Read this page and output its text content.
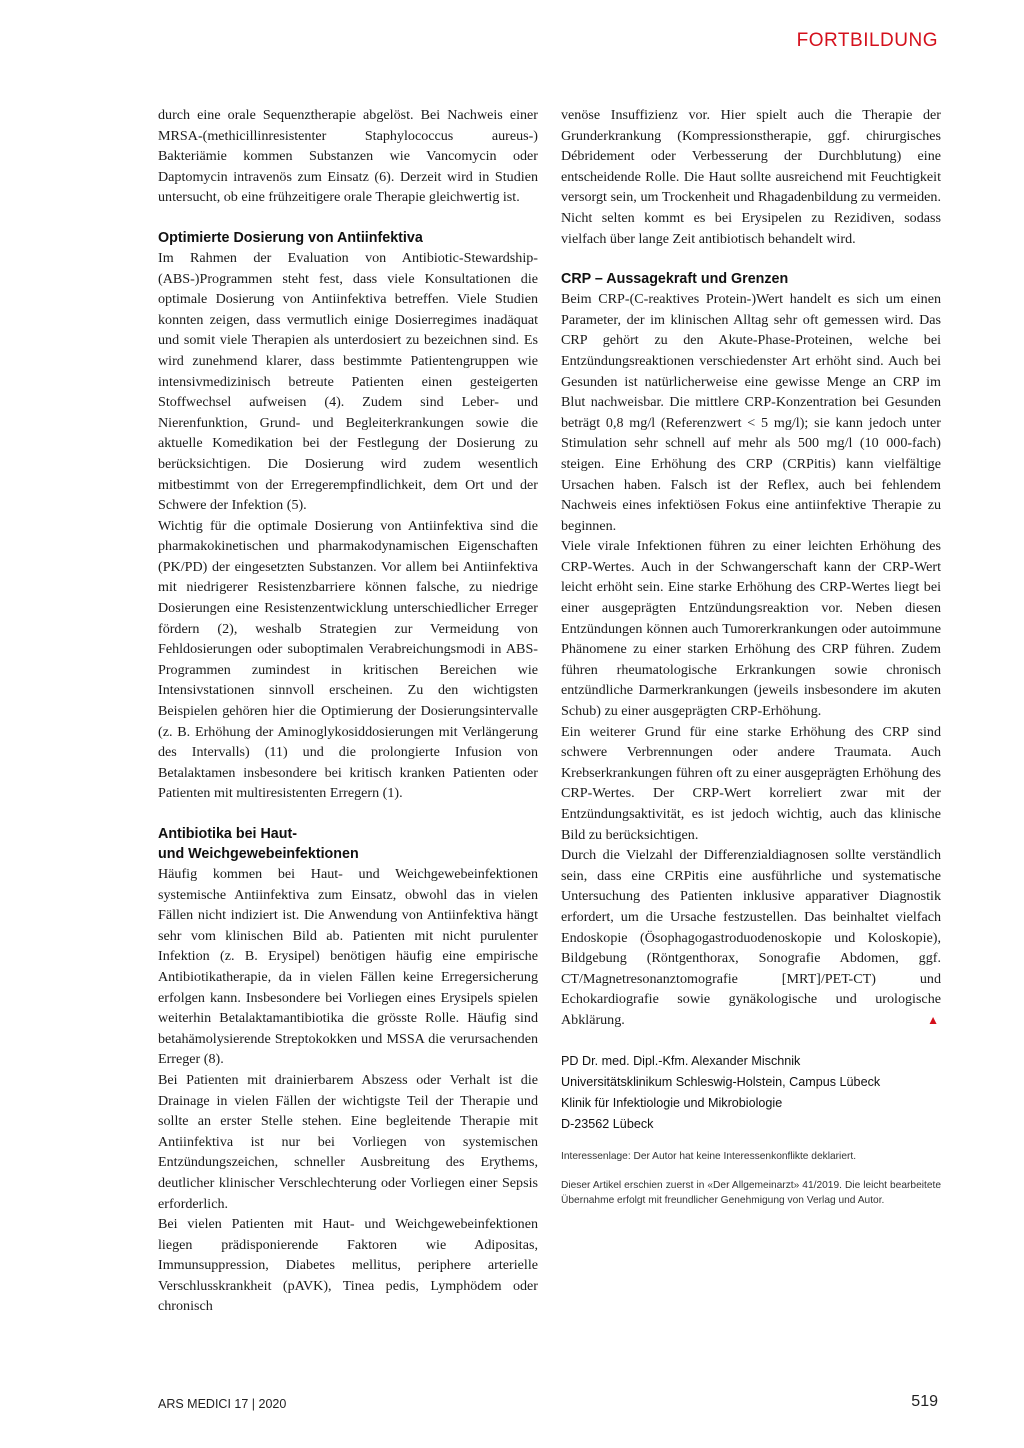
FORTBILDUNG

durch eine orale Sequenztherapie abgelöst. Bei Nachweis einer MRSA-(methicillinresistenter Staphylococcus aureus-) Bakteriämie kommen Substanzen wie Vancomycin oder Daptomycin intravenös zum Einsatz (6). Derzeit wird in Studien untersucht, ob eine frühzeitigere orale Therapie gleichwertig ist.

Optimierte Dosierung von Antiinfektiva

Im Rahmen der Evaluation von Antibiotic-Stewardship-(ABS-)Programmen steht fest, dass viele Konsultationen die optimale Dosierung von Antiinfektiva betreffen. Viele Studien konnten zeigen, dass vermutlich einige Dosierregimes inadäquat und somit viele Therapien als unterdosiert zu bezeichnen sind. Es wird zunehmend klarer, dass bestimmte Patientengruppen wie intensivmedizinisch betreute Patienten einen gesteigerten Stoffwechsel aufweisen (4). Zudem sind Leber- und Nierenfunktion, Grund- und Begleiterkrankungen sowie die aktuelle Komedikation bei der Festlegung der Dosierung zu berücksichtigen. Die Dosierung wird zudem wesentlich mitbestimmt von der Erregerempfindlichkeit, dem Ort und der Schwere der Infektion (5).

Wichtig für die optimale Dosierung von Antiinfektiva sind die pharmakokinetischen und pharmakodynamischen Eigenschaften (PK/PD) der eingesetzten Substanzen. Vor allem bei Antiinfektiva mit niedrigerer Resistenzbarriere können falsche, zu niedrige Dosierungen eine Resistenzentwicklung unterschiedlicher Erreger fördern (2), weshalb Strategien zur Vermeidung von Fehldosierungen oder suboptimalen Verabreichungsmodi in ABS-Programmen zumindest in kritischen Bereichen wie Intensivstationen sinnvoll erscheinen. Zu den wichtigsten Beispielen gehören hier die Optimierung der Dosierungsintervalle (z. B. Erhöhung der Aminoglykosiddosierungen mit Verlängerung des Intervalls) (11) und die prolongierte Infusion von Betalaktamen insbesondere bei kritisch kranken Patienten oder Patienten mit multiresistenten Erregern (1).

Antibiotika bei Haut-
und Weichgewebeinfektionen

Häufig kommen bei Haut- und Weichgewebeinfektionen systemische Antiinfektiva zum Einsatz, obwohl das in vielen Fällen nicht indiziert ist. Die Anwendung von Antiinfektiva hängt sehr vom klinischen Bild ab. Patienten mit nicht purulenter Infektion (z. B. Erysipel) benötigen häufig eine empirische Antibiotikatherapie, da in vielen Fällen keine Erregersicherung erfolgen kann. Insbesondere bei Vorliegen eines Erysipels spielen weiterhin Betalaktamantibiotika die grösste Rolle. Häufig sind betahämolysierende Streptokokken und MSSA die verursachenden Erreger (8).

Bei Patienten mit drainierbarem Abszess oder Verhalt ist die Drainage in vielen Fällen der wichtigste Teil der Therapie und sollte an erster Stelle stehen. Eine begleitende Therapie mit Antiinfektiva ist nur bei Vorliegen von systemischen Entzündungszeichen, schneller Ausbreitung des Erythems, deutlicher klinischer Verschlechterung oder Vorliegen einer Sepsis erforderlich.

Bei vielen Patienten mit Haut- und Weichgewebeinfektionen liegen prädisponierende Faktoren wie Adipositas, Immunsuppression, Diabetes mellitus, periphere arterielle Verschlusskrankheit (pAVK), Tinea pedis, Lymphödem oder chronisch

venöse Insuffizienz vor. Hier spielt auch die Therapie der Grunderkrankung (Kompressionstherapie, ggf. chirurgisches Débridement oder Verbesserung der Durchblutung) eine entscheidende Rolle. Die Haut sollte ausreichend mit Feuchtigkeit versorgt sein, um Trockenheit und Rhagadenbildung zu vermeiden. Nicht selten kommt es bei Erysipelen zu Rezidiven, sodass vielfach über lange Zeit antibiotisch behandelt wird.

CRP – Aussagekraft und Grenzen

Beim CRP-(C-reaktives Protein-)Wert handelt es sich um einen Parameter, der im klinischen Alltag sehr oft gemessen wird. Das CRP gehört zu den Akute-Phase-Proteinen, welche bei Entzündungsreaktionen verschiedenster Art erhöht sind. Auch bei Gesunden ist natürlicherweise eine gewisse Menge an CRP im Blut nachweisbar. Die mittlere CRP-Konzentration bei Gesunden beträgt 0,8 mg/l (Referenzwert < 5 mg/l); sie kann jedoch unter Stimulation sehr schnell auf mehr als 500 mg/l (10 000-fach) steigen. Eine Erhöhung des CRP (CRPitis) kann vielfältige Ursachen haben. Falsch ist der Reflex, auch bei fehlendem Nachweis eines infektiösen Fokus eine antiinfektive Therapie zu beginnen.

Viele virale Infektionen führen zu einer leichten Erhöhung des CRP-Wertes. Auch in der Schwangerschaft kann der CRP-Wert leicht erhöht sein. Eine starke Erhöhung des CRP-Wertes liegt bei einer ausgeprägten Entzündungsreaktion vor. Neben diesen Entzündungen können auch Tumorerkrankungen oder autoimmune Phänomene zu einer starken Erhöhung des CRP führen. Zudem führen rheumatologische Erkrankungen sowie chronisch entzündliche Darmerkrankungen (jeweils insbesondere im akuten Schub) zu einer ausgeprägten CRP-Erhöhung.

Ein weiterer Grund für eine starke Erhöhung des CRP sind schwere Verbrennungen oder andere Traumata. Auch Krebserkrankungen führen oft zu einer ausgeprägten Erhöhung des CRP-Wertes. Der CRP-Wert korreliert zwar mit der Entzündungsaktivität, es ist jedoch wichtig, auch das klinische Bild zu berücksichtigen.

Durch die Vielzahl der Differenzialdiagnosen sollte verständlich sein, dass eine CRPitis eine ausführliche und systematische Untersuchung des Patienten inklusive apparativer Diagnostik erfordert, um die Ursache festzustellen. Das beinhaltet vielfach Endoskopie (Ösophagogastroduodenoskopie und Koloskopie), Bildgebung (Röntgenthorax, Sonografie Abdomen, ggf. CT/Magnetresonanztomografie [MRT]/PET-CT) und Echokardiografie sowie gynäkologische und urologische Abklärung.	▲

PD Dr. med. Dipl.-Kfm. Alexander Mischnik

Universitätsklinikum Schleswig-Holstein, Campus Lübeck

Klinik für Infektiologie und Mikrobiologie

D-23562 Lübeck

Interessenlage: Der Autor hat keine Interessenkonflikte deklariert.

Dieser Artikel erschien zuerst in «Der Allgemeinarzt» 41/2019. Die leicht bearbeitete Übernahme erfolgt mit freundlicher Genehmigung von Verlag und Autor.

ARS MEDICI 17 | 2020	519
